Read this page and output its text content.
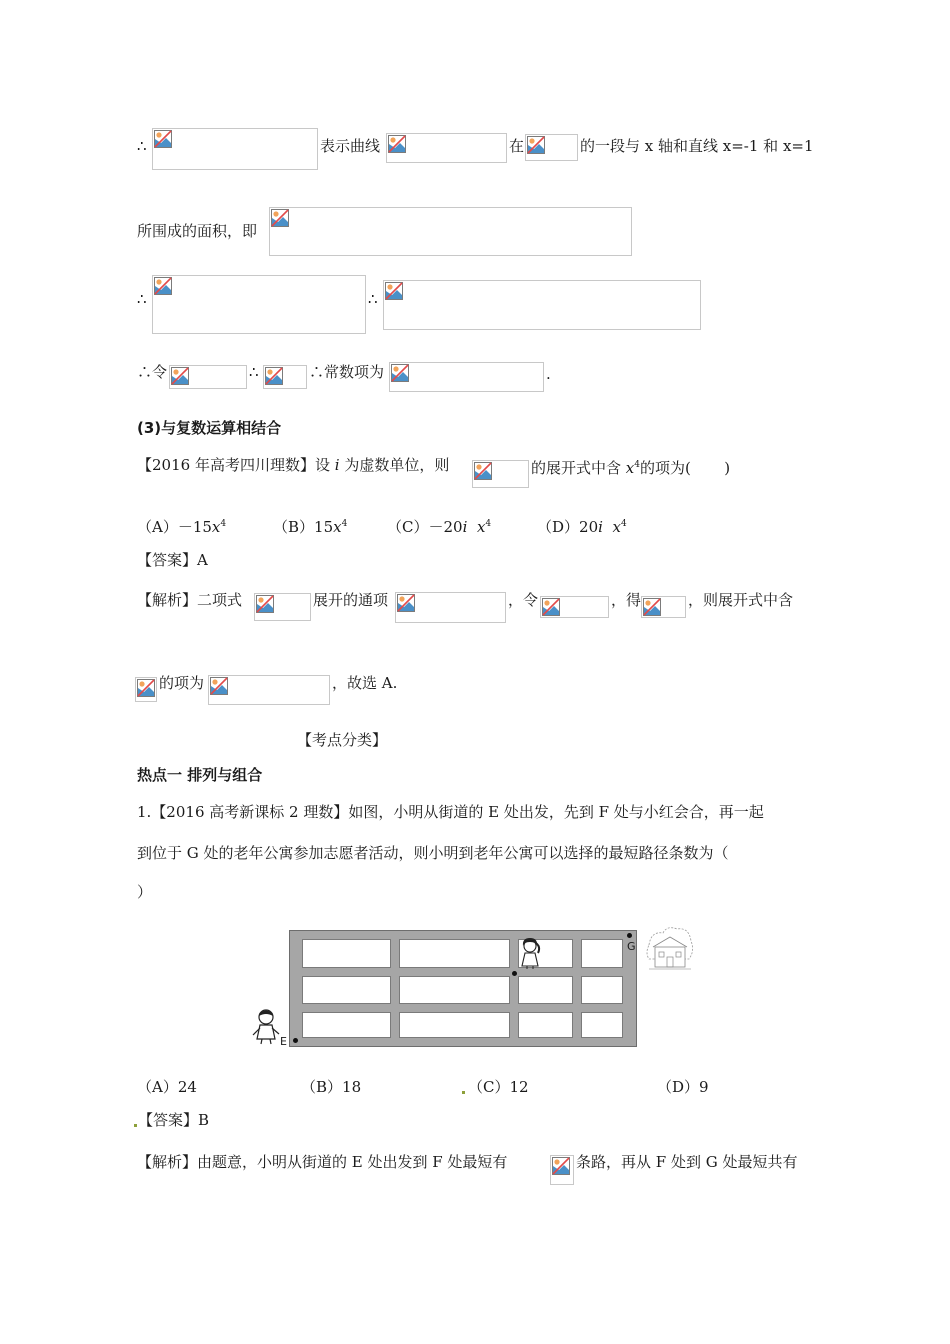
∴	表示曲线	在	的一段与 x 轴和直线 x=-1 和 x=1
所围成的面积，即
∴	∴
∴令	∴	∴常数项为	.
(3)与复数运算相结合
【2016 年高考四川理数】设 i 为虚数单位，则	的展开式中含 $x^4$的项为( )
$(A)-15x^4$	$(B)15x^4$	（C）－20i $x^4$	（D）20i $x^4$
【答案】A
【解析】二项式	展开的通项	，令	，得	，则展开式中含
的项为	，故选 A.
【考点分类】
热点一 排列与组合
1.【2016 高考新课标 2 理数】如图，小明从街道的 E 处出发，先到 F 处与小红会合，再一起
到位于 G 处的老年公寓参加志愿者活动，则小明到老年公寓可以选择的最短路径条数为（
）
E
G
（A）24	（B）18	（C）12	（D）9
【答案】B
【解析】由题意，小明从街道的 E 处出发到 F 处最短有	条路，再从 F 处到 G 处最短共有
